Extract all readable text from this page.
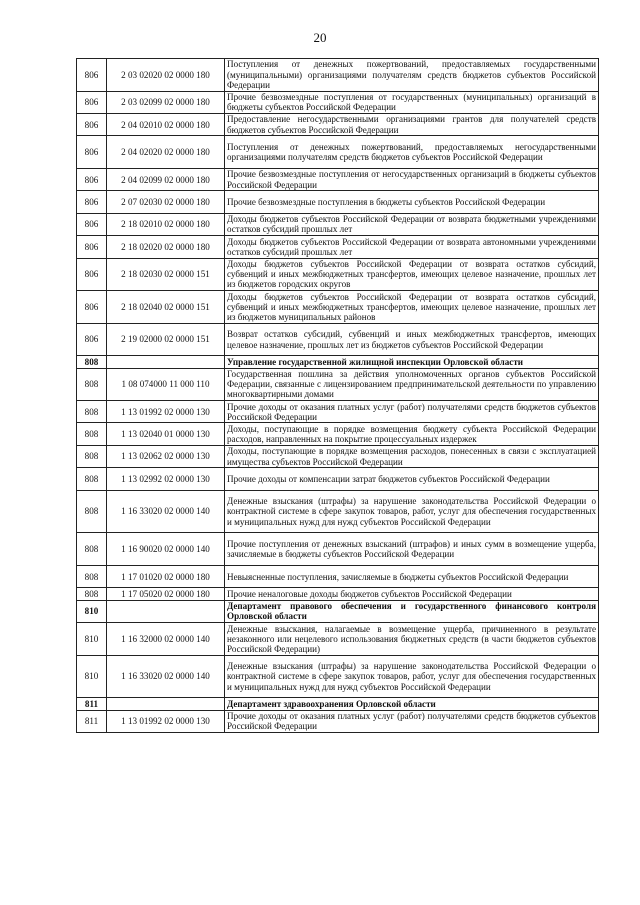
20
806	2 03 02020 02 0000 180	Поступления от денежных пожертвований, предоставляемых государственными (муниципальными) организациями получателям средств бюджетов субъектов Российской Федерации
806	2 03 02099 02 0000 180	Прочие безвозмездные поступления от государственных (муниципальных) организаций в бюджеты субъектов Российской Федерации
806	2 04 02010 02 0000 180	Предоставление негосударственными организациями грантов для получателей средств бюджетов субъектов Российской Федерации
806	2 04 02020 02 0000 180	Поступления от денежных пожертвований, предоставляемых негосударственными организациями получателям средств бюджетов субъектов Российской Федерации
806	2 04 02099 02 0000 180	Прочие безвозмездные поступления от негосударственных организаций в бюджеты субъектов Российской Федерации
806	2 07 02030 02 0000 180	Прочие безвозмездные поступления в бюджеты субъектов Российской Федерации
806	2 18 02010 02 0000 180	Доходы бюджетов субъектов Российской Федерации от возврата бюджетными учреждениями остатков субсидий прошлых лет
806	2 18 02020 02 0000 180	Доходы бюджетов субъектов Российской Федерации от возврата автономными учреждениями остатков субсидий прошлых лет
806	2 18 02030 02 0000 151	Доходы бюджетов субъектов Российской Федерации от возврата остатков субсидий, субвенций и иных межбюджетных трансфертов, имеющих целевое назначение, прошлых лет из бюджетов городских округов
806	2 18 02040 02 0000 151	Доходы бюджетов субъектов Российской Федерации от возврата остатков субсидий, субвенций и иных межбюджетных трансфертов, имеющих целевое назначение, прошлых лет из бюджетов муниципальных районов
806	2 19 02000 02 0000 151	Возврат остатков субсидий, субвенций и иных межбюджетных трансфертов, имеющих целевое назначение, прошлых лет из бюджетов субъектов Российской Федерации
808		Управление государственной жилищной инспекции Орловской области
808	1 08 074000 11 000 110	Государственная пошлина за действия уполномоченных органов субъектов Российской Федерации, связанные с лицензированием предпринимательской деятельности по управлению многоквартирными домами
808	1 13 01992 02 0000 130	Прочие доходы от оказания платных услуг (работ) получателями средств бюджетов субъектов Российской Федерации
808	1 13 02040 01 0000 130	Доходы, поступающие в порядке возмещения бюджету субъекта Российской Федерации расходов, направленных на покрытие процессуальных издержек
808	1 13 02062 02 0000 130	Доходы, поступающие в порядке возмещения расходов, понесенных в связи с эксплуатацией имущества субъектов Российской Федерации
808	1 13 02992 02 0000 130	Прочие доходы от компенсации затрат бюджетов субъектов Российской Федерации
808	1 16 33020 02 0000 140	Денежные взыскания (штрафы) за нарушение законодательства Российской Федерации о контрактной системе в сфере закупок товаров, работ, услуг для обеспечения государственных и муниципальных нужд для нужд субъектов Российской Федерации
808	1 16 90020 02 0000 140	Прочие поступления от денежных взысканий (штрафов) и иных сумм в возмещение ущерба, зачисляемые в бюджеты субъектов Российской Федерации
808	1 17 01020 02 0000 180	Невыясненные поступления, зачисляемые в бюджеты субъектов Российской Федерации
808	1 17 05020 02 0000 180	Прочие неналоговые доходы бюджетов субъектов Российской Федерации
810		Департамент правового обеспечения и государственного финансового контроля Орловской области
810	1 16 32000 02 0000 140	Денежные взыскания, налагаемые в возмещение ущерба, причиненного в результате незаконного или нецелевого использования бюджетных средств (в части бюджетов субъектов Российской Федерации)
810	1 16 33020 02 0000 140	Денежные взыскания (штрафы) за нарушение законодательства Российской Федерации о контрактной системе в сфере закупок товаров, работ, услуг для обеспечения государственных и муниципальных нужд для нужд субъектов Российской Федерации
811		Департамент здравоохранения Орловской области
811	1 13 01992 02 0000 130	Прочие доходы от оказания платных услуг (работ) получателями средств бюджетов субъектов Российской Федерации
